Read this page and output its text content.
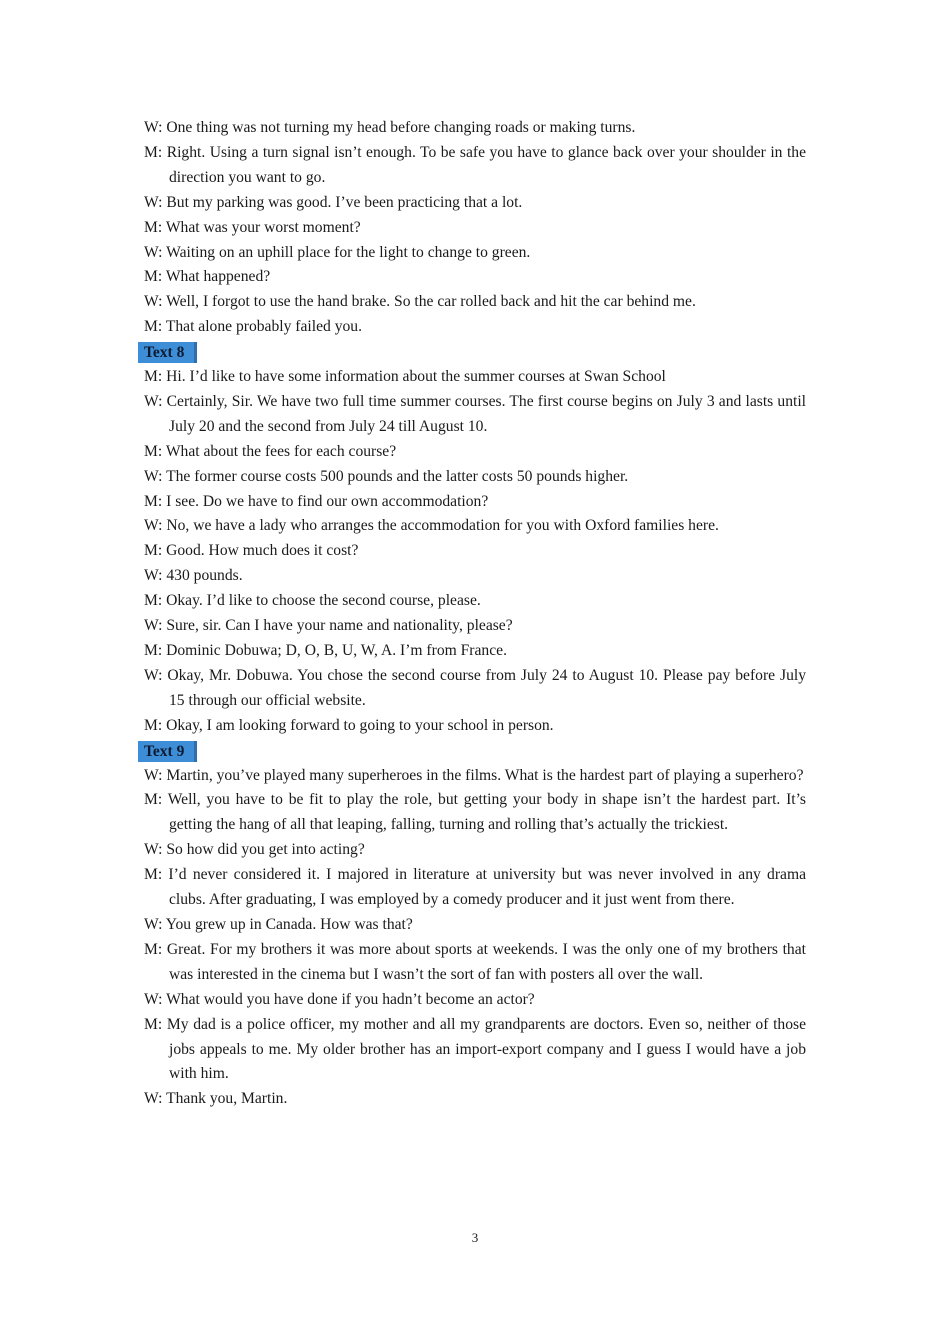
W: One thing was not turning my head before changing roads or making turns.

M: Right. Using a turn signal isn’t enough. To be safe you have to glance back over your shoulder in the direction you want to go.

W: But my parking was good. I’ve been practicing that a lot.

M: What was your worst moment?

W: Waiting on an uphill place for the light to change to green.

M: What happened?

W: Well, I forgot to use the hand brake. So the car rolled back and hit the car behind me.

M: That alone probably failed you.

Text 8

M: Hi. I’d like to have some information about the summer courses at Swan School

W: Certainly, Sir. We have two full time summer courses. The first course begins on July 3 and lasts until July 20 and the second from July 24 till August 10.

M: What about the fees for each course?

W: The former course costs 500 pounds and the latter costs 50 pounds higher.

M: I see. Do we have to find our own accommodation?

W: No, we have a lady who arranges the accommodation for you with Oxford families here.

M: Good. How much does it cost?

W: 430 pounds.

M: Okay. I’d like to choose the second course, please.

W: Sure, sir. Can I have your name and nationality, please?

M: Dominic Dobuwa; D, O, B, U, W, A. I’m from France.

W: Okay, Mr. Dobuwa. You chose the second course from July 24 to August 10. Please pay before July 15 through our official website.

M: Okay, I am looking forward to going to your school in person.

Text 9

W: Martin, you’ve played many superheroes in the films. What is the hardest part of playing a superhero?

M: Well, you have to be fit to play the role, but getting your body in shape isn’t the hardest part. It’s getting the hang of all that leaping, falling, turning and rolling that’s actually the trickiest.

W: So how did you get into acting?

M: I’d never considered it. I majored in literature at university but was never involved in any drama clubs. After graduating, I was employed by a comedy producer and it just went from there.

W: You grew up in Canada. How was that?

M: Great. For my brothers it was more about sports at weekends. I was the only one of my brothers that was interested in the cinema but I wasn’t the sort of fan with posters all over the wall.

W: What would you have done if you hadn’t become an actor?

M: My dad is a police officer, my mother and all my grandparents are doctors. Even so, neither of those jobs appeals to me. My older brother has an import-export company and I guess I would have a job with him.

W: Thank you, Martin.

3
